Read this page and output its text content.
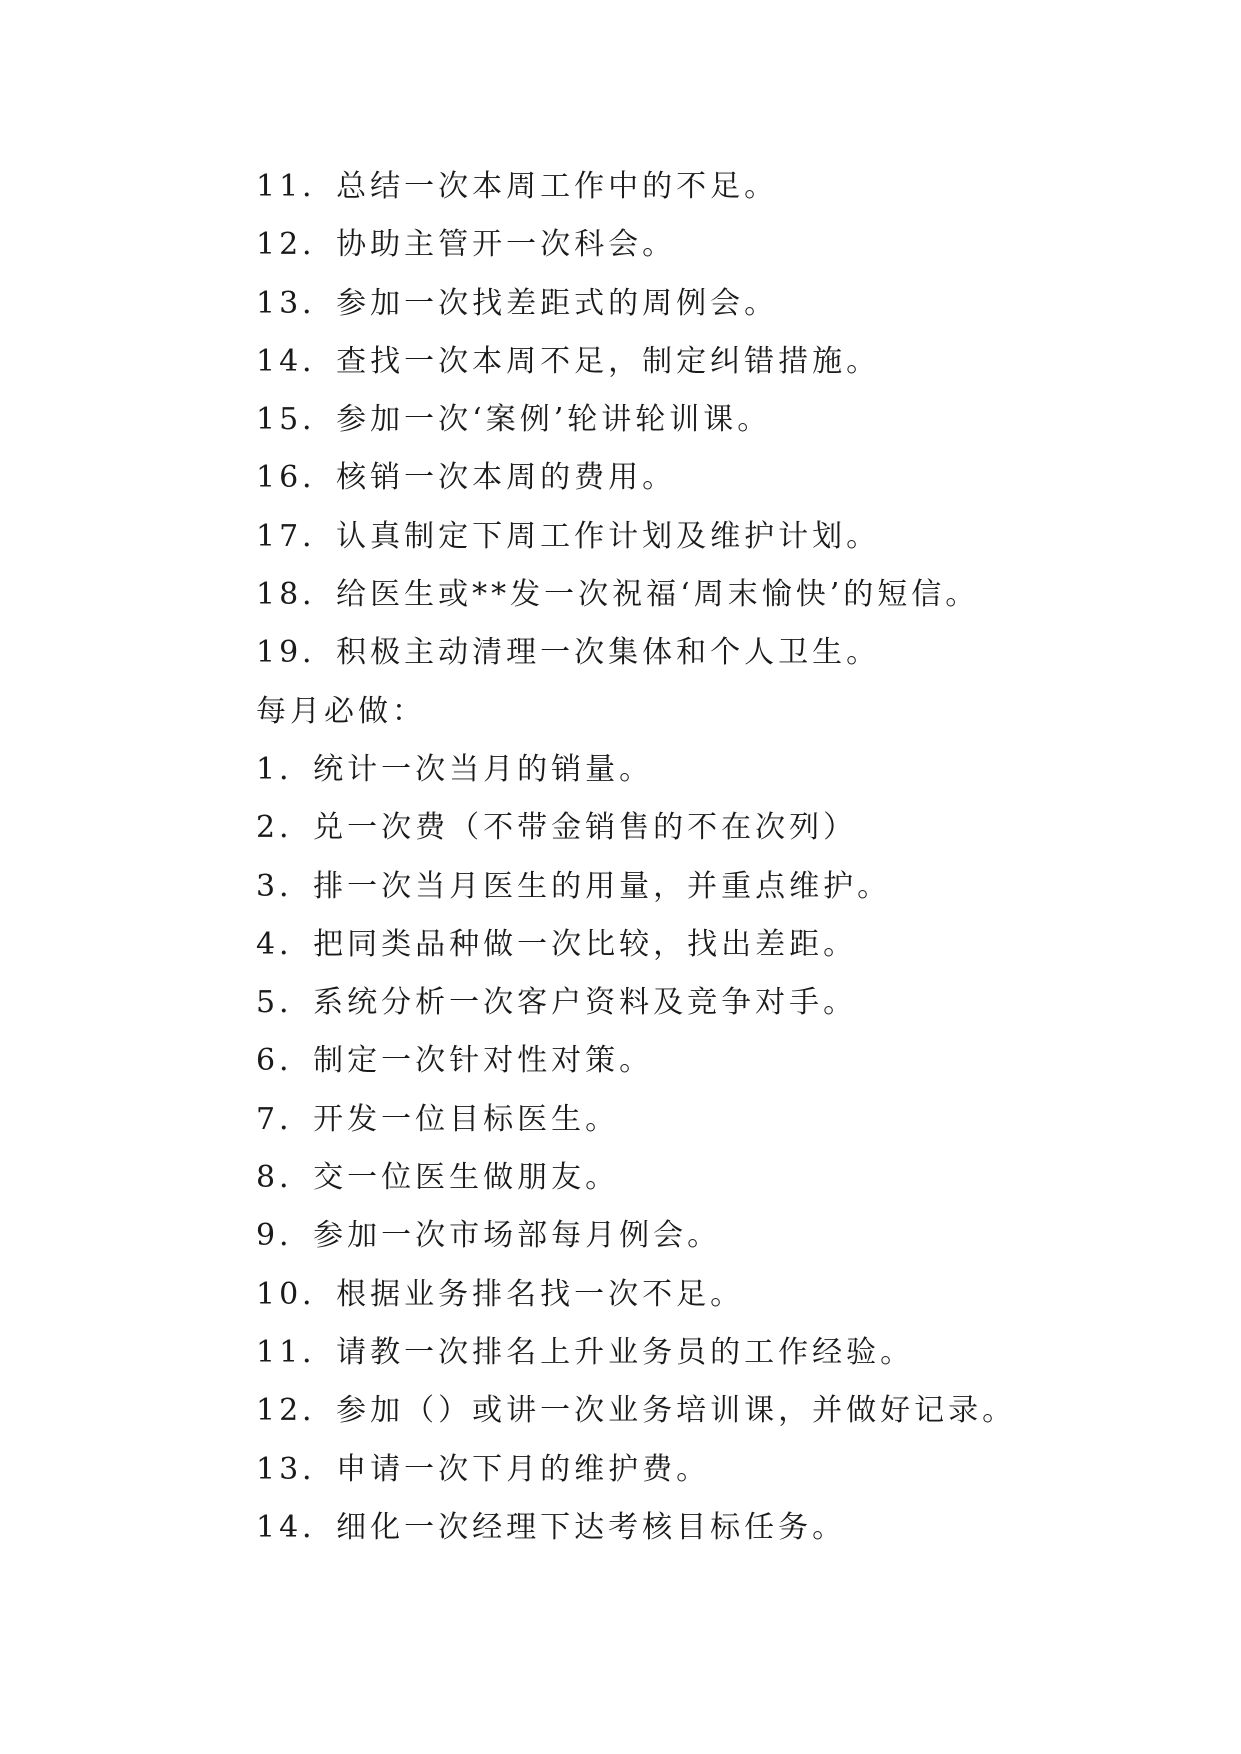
11．总结一次本周工作中的不足。
12．协助主管开一次科会。
13．参加一次找差距式的周例会。
14．查找一次本周不足，制定纠错措施。
15．参加一次‘案例’轮讲轮训课。
16．核销一次本周的费用。
17．认真制定下周工作计划及维护计划。
18．给医生或**发一次祝福‘周末愉快’的短信。
19．积极主动清理一次集体和个人卫生。
每月必做：
1．统计一次当月的销量。
2．兑一次费（不带金销售的不在次列）
3．排一次当月医生的用量，并重点维护。
4．把同类品种做一次比较，找出差距。
5．系统分析一次客户资料及竞争对手。
6．制定一次针对性对策。
7．开发一位目标医生。
8．交一位医生做朋友。
9．参加一次市场部每月例会。
10．根据业务排名找一次不足。
11．请教一次排名上升业务员的工作经验。
12．参加（）或讲一次业务培训课，并做好记录。
13．申请一次下月的维护费。
14．细化一次经理下达考核目标任务。
